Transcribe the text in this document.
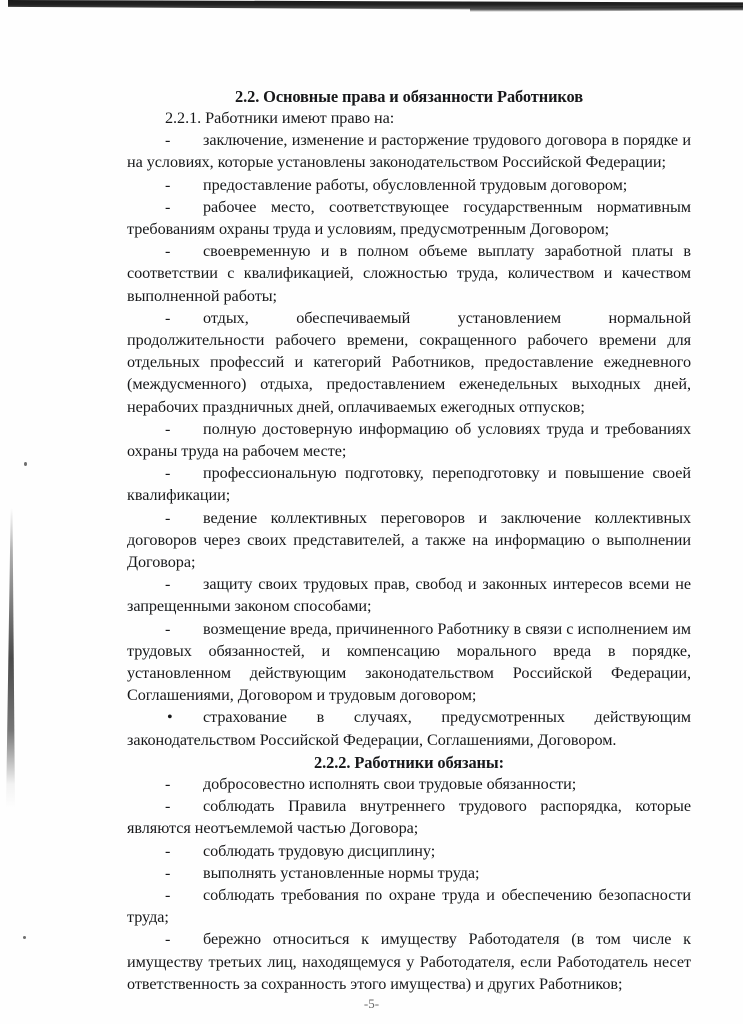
2.2. Основные права и обязанности Работников

2.2.1. Работники имеют право на:

- заключение, изменение и расторжение трудового договора в порядке и на условиях, которые установлены законодательством Российской Федерации;

- предоставление работы, обусловленной трудовым договором;

- рабочее место, соответствующее государственным нормативным требованиям охраны труда и условиям, предусмотренным Договором;

- своевременную и в полном объеме выплату заработной платы в соответствии с квалификацией, сложностью труда, количеством и качеством выполненной работы;

- отдых, обеспечиваемый установлением нормальной продолжительности рабочего времени, сокращенного рабочего времени для отдельных профессий и категорий Работников, предоставление ежедневного (междусменного) отдыха, предоставлением еженедельных выходных дней, нерабочих праздничных дней, оплачиваемых ежегодных отпусков;

- полную достоверную информацию об условиях труда и требованиях охраны труда на рабочем месте;

- профессиональную подготовку, переподготовку и повышение своей квалификации;

- ведение коллективных переговоров и заключение коллективных договоров через своих представителей, а также на информацию о выполнении Договора;

- защиту своих трудовых прав, свобод и законных интересов всеми не запрещенными законом способами;

- возмещение вреда, причиненного Работнику в связи с исполнением им трудовых обязанностей, и компенсацию морального вреда в порядке, установленном действующим законодательством Российской Федерации, Соглашениями, Договором и трудовым договором;

• страхование в случаях, предусмотренных действующим законодательством Российской Федерации, Соглашениями, Договором.

2.2.2. Работники обязаны:

- добросовестно исполнять свои трудовые обязанности;

- соблюдать Правила внутреннего трудового распорядка, которые являются неотъемлемой частью Договора;

- соблюдать трудовую дисциплину;

- выполнять установленные нормы труда;

- соблюдать требования по охране труда и обеспечению безопасности труда;

- бережно относиться к имуществу Работодателя (в том числе к имуществу третьих лиц, находящемуся у Работодателя, если Работодатель несет ответственность за сохранность этого имущества) и других Работников;

-5-
